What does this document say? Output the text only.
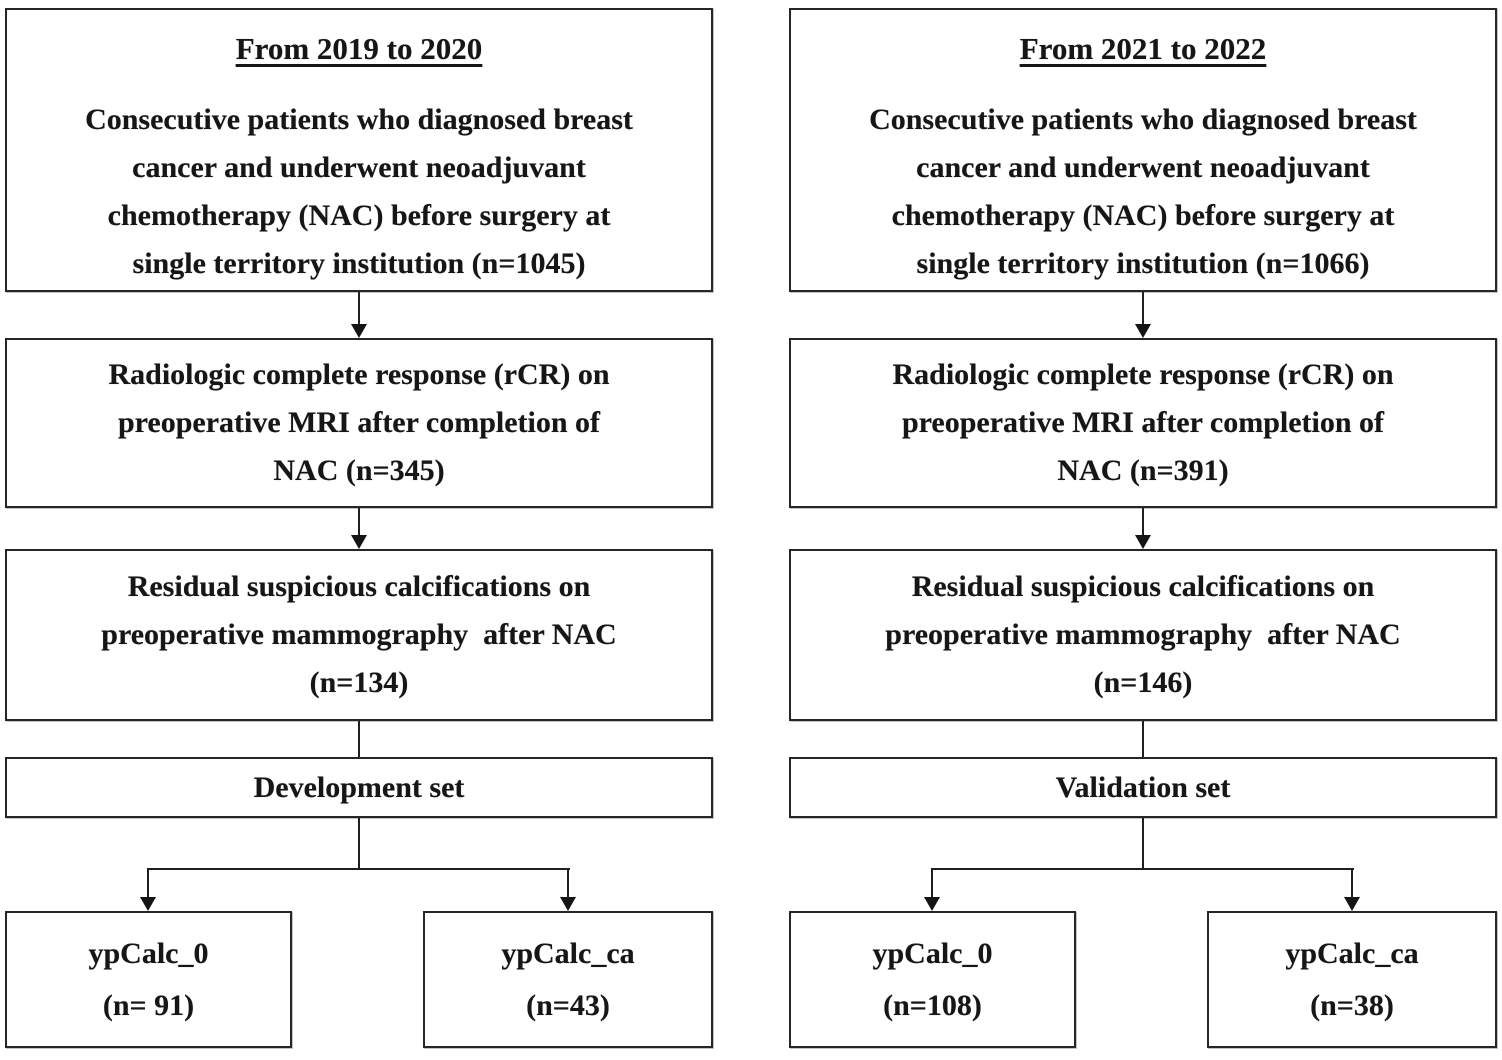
From 2019 to 2020
Consecutive patients who diagnosed breast
cancer and underwent neoadjuvant
chemotherapy (NAC) before surgery at
single territory institution (n=1045)
Radiologic complete response (rCR) on
preoperative MRI after completion of
NAC (n=345)
Residual suspicious calcifications on
preoperative mammography  after NAC
(n=134)
Development set
ypCalc_0
(n= 91)
ypCalc_ca
(n=43)
From 2021 to 2022
Consecutive patients who diagnosed breast
cancer and underwent neoadjuvant
chemotherapy (NAC) before surgery at
single territory institution (n=1066)
Radiologic complete response (rCR) on
preoperative MRI after completion of
NAC (n=391)
Residual suspicious calcifications on
preoperative mammography  after NAC
(n=146)
Validation set
ypCalc_0
(n=108)
ypCalc_ca
(n=38)
